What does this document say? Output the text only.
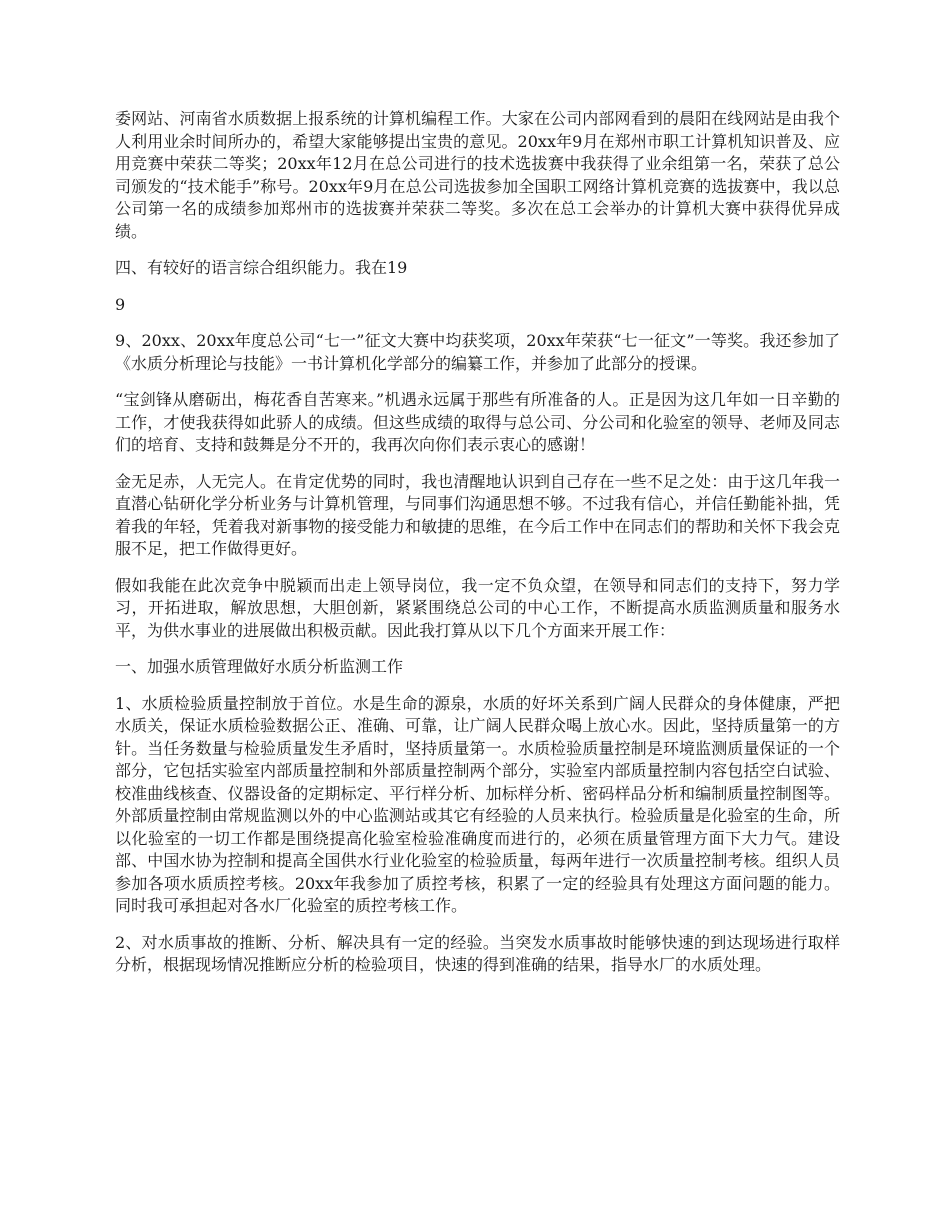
委网站、河南省水质数据上报系统的计算机编程工作。大家在公司内部网看到的晨阳在线网站是由我个人利用业余时间所办的，希望大家能够提出宝贵的意见。20xx年9月在郑州市职工计算机知识普及、应用竞赛中荣获二等奖；20xx年12月在总公司进行的技术选拔赛中我获得了业余组第一名，荣获了总公司颁发的“技术能手”称号。20xx年9月在总公司选拔参加全国职工网络计算机竞赛的选拔赛中，我以总公司第一名的成绩参加郑州市的选拔赛并荣获二等奖。多次在总工会举办的计算机大赛中获得优异成绩。

四、有较好的语言综合组织能力。我在19

9

9、20xx、20xx年度总公司“七一”征文大赛中均获奖项，20xx年荣获“七一征文”一等奖。我还参加了《水质分析理论与技能》一书计算机化学部分的编纂工作，并参加了此部分的授课。

“宝剑锋从磨砺出，梅花香自苦寒来。”机遇永远属于那些有所准备的人。正是因为这几年如一日辛勤的工作，才使我获得如此骄人的成绩。但这些成绩的取得与总公司、分公司和化验室的领导、老师及同志们的培育、支持和鼓舞是分不开的，我再次向你们表示衷心的感谢！

金无足赤，人无完人。在肯定优势的同时，我也清醒地认识到自己存在一些不足之处：由于这几年我一直潜心钻研化学分析业务与计算机管理，与同事们沟通思想不够。不过我有信心，并信任勤能补拙，凭着我的年轻，凭着我对新事物的接受能力和敏捷的思维，在今后工作中在同志们的帮助和关怀下我会克服不足，把工作做得更好。

假如我能在此次竞争中脱颖而出走上领导岗位，我一定不负众望，在领导和同志们的支持下，努力学习，开拓进取，解放思想，大胆创新，紧紧围绕总公司的中心工作，不断提高水质监测质量和服务水平，为供水事业的进展做出积极贡献。因此我打算从以下几个方面来开展工作：

一、加强水质管理做好水质分析监测工作

1、水质检验质量控制放于首位。水是生命的源泉，水质的好坏关系到广阔人民群众的身体健康，严把水质关，保证水质检验数据公正、准确、可靠，让广阔人民群众喝上放心水。因此，坚持质量第一的方针。当任务数量与检验质量发生矛盾时，坚持质量第一。水质检验质量控制是环境监测质量保证的一个部分，它包括实验室内部质量控制和外部质量控制两个部分，实验室内部质量控制内容包括空白试验、校准曲线核查、仪器设备的定期标定、平行样分析、加标样分析、密码样品分析和编制质量控制图等。外部质量控制由常规监测以外的中心监测站或其它有经验的人员来执行。检验质量是化验室的生命，所以化验室的一切工作都是围绕提高化验室检验准确度而进行的，必须在质量管理方面下大力气。建设部、中国水协为控制和提高全国供水行业化验室的检验质量，每两年进行一次质量控制考核。组织人员参加各项水质质控考核。20xx年我参加了质控考核，积累了一定的经验具有处理这方面问题的能力。同时我可承担起对各水厂化验室的质控考核工作。

2、对水质事故的推断、分析、解决具有一定的经验。当突发水质事故时能够快速的到达现场进行取样分析，根据现场情况推断应分析的检验项目，快速的得到准确的结果，指导水厂的水质处理。
